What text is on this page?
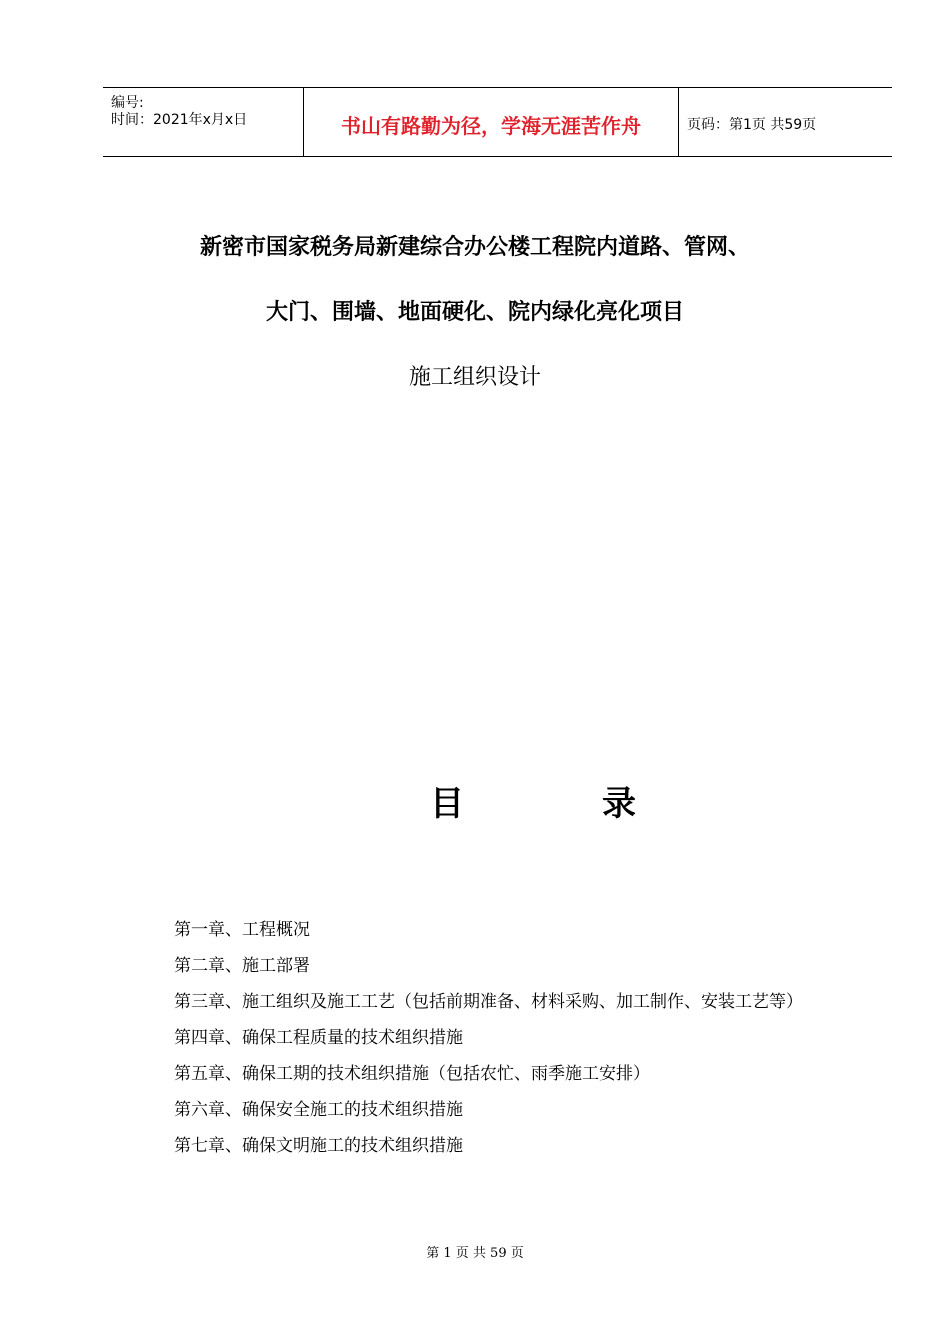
编号:
时间：2021年x月x日	书山有路勤为径，学海无涯苦作舟	页码：第1页 共59页
新密市国家税务局新建综合办公楼工程院内道路、管网、
大门、围墙、地面硬化、院内绿化亮化项目
施工组织设计
目	录
第一章、工程概况
第二章、施工部署
第三章、施工组织及施工工艺（包括前期准备、材料采购、加工制作、安装工艺等）
第四章、确保工程质量的技术组织措施
第五章、确保工期的技术组织措施（包括农忙、雨季施工安排）
第六章、确保安全施工的技术组织措施
第七章、确保文明施工的技术组织措施
第 1 页 共 59 页
